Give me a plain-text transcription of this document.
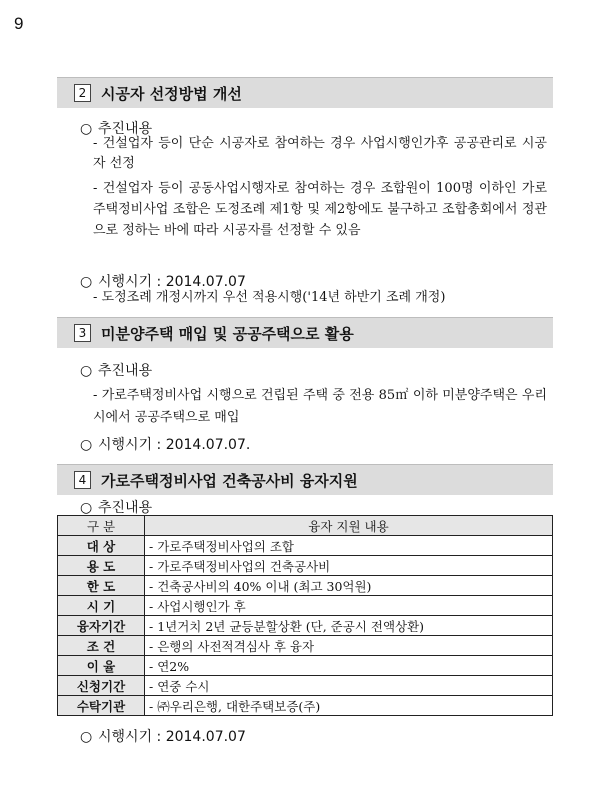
9
2 시공자 선정방법 개선
○ 추진내용
- 건설업자 등이 단순 시공자로 참여하는 경우 사업시행인가후 공공관리로 시공자 선정
- 건설업자 등이 공동사업시행자로 참여하는 경우 조합원이 100명 이하인 가로주택정비사업 조합은 도정조례 제1항 및 제2항에도 불구하고 조합총회에서 정관으로 정하는 바에 따라 시공자를 선정할 수 있음
○ 시행시기 : 2014.07.07
- 도정조례 개정시까지 우선 적용시행('14년 하반기 조례 개정)
3 미분양주택 매입 및 공공주택으로 활용
○ 추진내용
- 가로주택정비사업 시행으로 건립된 주택 중 전용 85㎡ 이하 미분양주택은 우리시에서 공공주택으로 매입
○ 시행시기 : 2014.07.07.
4 가로주택정비사업 건축공사비 융자지원
○ 추진내용
구 분	융자 지원 내용
대 상	- 가로주택정비사업의 조합
용 도	- 가로주택정비사업의 건축공사비
한 도	- 건축공사비의 40% 이내 (최고 30억원)
시 기	- 사업시행인가 후
융자기간	- 1년거치 2년 균등분할상환 (단, 준공시 전액상환)
조 건	- 은행의 사전적격심사 후 융자
이 율	- 연2%
신청기간	- 연중 수시
수탁기관	- ㈜우리은행, 대한주택보증(주)
○ 시행시기 : 2014.07.07
